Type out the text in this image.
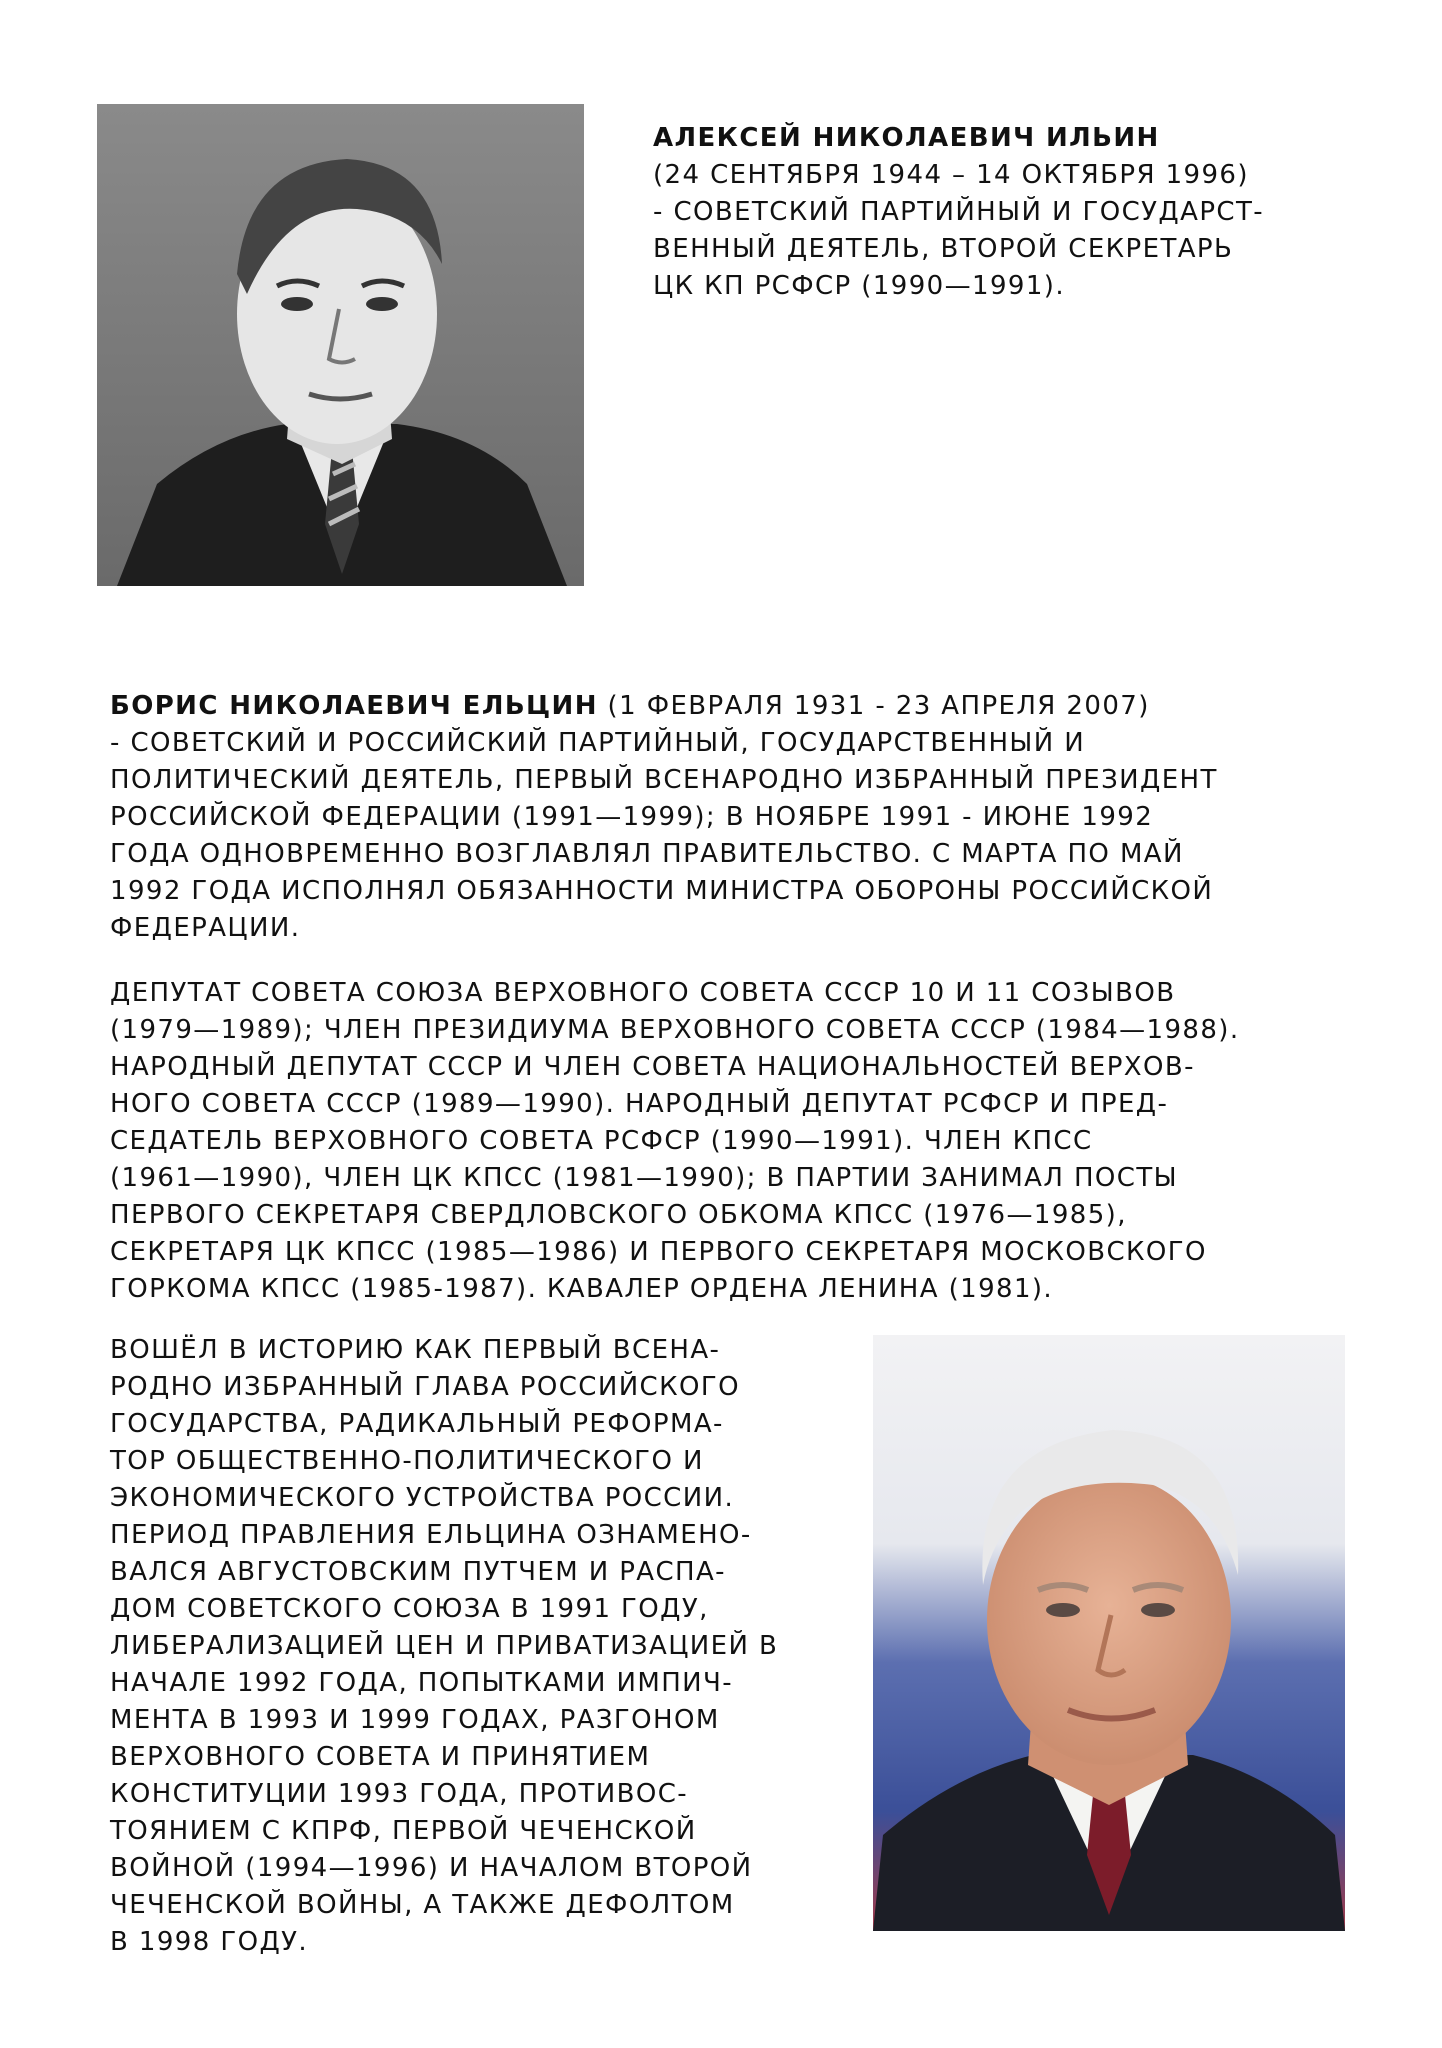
АЛЕКСЕЙ НИКОЛАЕВИЧ ИЛЬИН
(24 СЕНТЯБРЯ 1944 – 14 ОКТЯБРЯ 1996)
- СОВЕТСКИЙ ПАРТИЙНЫЙ И ГОСУДАРСТ-
ВЕННЫЙ ДЕЯТЕЛЬ, ВТОРОЙ СЕКРЕТАРЬ
ЦК КП РСФСР (1990—1991).
БОРИС НИКОЛАЕВИЧ ЕЛЬЦИН (1 ФЕВРАЛЯ 1931 - 23 АПРЕЛЯ 2007)
- СОВЕТСКИЙ И РОССИЙСКИЙ ПАРТИЙНЫЙ, ГОСУДАРСТВЕННЫЙ И
ПОЛИТИЧЕСКИЙ ДЕЯТЕЛЬ, ПЕРВЫЙ ВСЕНАРОДНО ИЗБРАННЫЙ ПРЕЗИДЕНТ
РОССИЙСКОЙ ФЕДЕРАЦИИ (1991—1999); В НОЯБРЕ 1991 - ИЮНЕ 1992
ГОДА ОДНОВРЕМЕННО ВОЗГЛАВЛЯЛ ПРАВИТЕЛЬСТВО. С МАРТА ПО МАЙ
1992 ГОДА ИСПОЛНЯЛ ОБЯЗАННОСТИ МИНИСТРА ОБОРОНЫ РОССИЙСКОЙ
ФЕДЕРАЦИИ.
ДЕПУТАТ СОВЕТА СОЮЗА ВЕРХОВНОГО СОВЕТА СССР 10 И 11 СОЗЫВОВ
(1979—1989); ЧЛЕН ПРЕЗИДИУМА ВЕРХОВНОГО СОВЕТА СССР (1984—1988).
НАРОДНЫЙ ДЕПУТАТ СССР И ЧЛЕН СОВЕТА НАЦИОНАЛЬНОСТЕЙ ВЕРХОВ-
НОГО СОВЕТА СССР (1989—1990). НАРОДНЫЙ ДЕПУТАТ РСФСР И ПРЕД-
СЕДАТЕЛЬ ВЕРХОВНОГО СОВЕТА РСФСР (1990—1991). ЧЛЕН КПСС
(1961—1990), ЧЛЕН ЦК КПСС (1981—1990); В ПАРТИИ ЗАНИМАЛ ПОСТЫ
ПЕРВОГО СЕКРЕТАРЯ СВЕРДЛОВСКОГО ОБКОМА КПСС (1976—1985),
СЕКРЕТАРЯ ЦК КПСС (1985—1986) И ПЕРВОГО СЕКРЕТАРЯ МОСКОВСКОГО
ГОРКОМА КПСС (1985-1987). КАВАЛЕР ОРДЕНА ЛЕНИНА (1981).
ВОШЁЛ В ИСТОРИЮ КАК ПЕРВЫЙ ВСЕНА-
РОДНО ИЗБРАННЫЙ ГЛАВА РОССИЙСКОГО
ГОСУДАРСТВА, РАДИКАЛЬНЫЙ РЕФОРМА-
ТОР ОБЩЕСТВЕННО-ПОЛИТИЧЕСКОГО И
ЭКОНОМИЧЕСКОГО УСТРОЙСТВА РОССИИ.
ПЕРИОД ПРАВЛЕНИЯ ЕЛЬЦИНА ОЗНАМЕНО-
ВАЛСЯ АВГУСТОВСКИМ ПУТЧЕМ И РАСПА-
ДОМ СОВЕТСКОГО СОЮЗА В 1991 ГОДУ,
ЛИБЕРАЛИЗАЦИЕЙ ЦЕН И ПРИВАТИЗАЦИЕЙ В
НАЧАЛЕ 1992 ГОДА, ПОПЫТКАМИ ИМПИЧ-
МЕНТА В 1993 И 1999 ГОДАХ, РАЗГОНОМ
ВЕРХОВНОГО СОВЕТА И ПРИНЯТИЕМ
КОНСТИТУЦИИ 1993 ГОДА, ПРОТИВОС-
ТОЯНИЕМ С КПРФ, ПЕРВОЙ ЧЕЧЕНСКОЙ
ВОЙНОЙ (1994—1996) И НАЧАЛОМ ВТОРОЙ
ЧЕЧЕНСКОЙ ВОЙНЫ, А ТАКЖЕ ДЕФОЛТОМ
В 1998 ГОДУ.
